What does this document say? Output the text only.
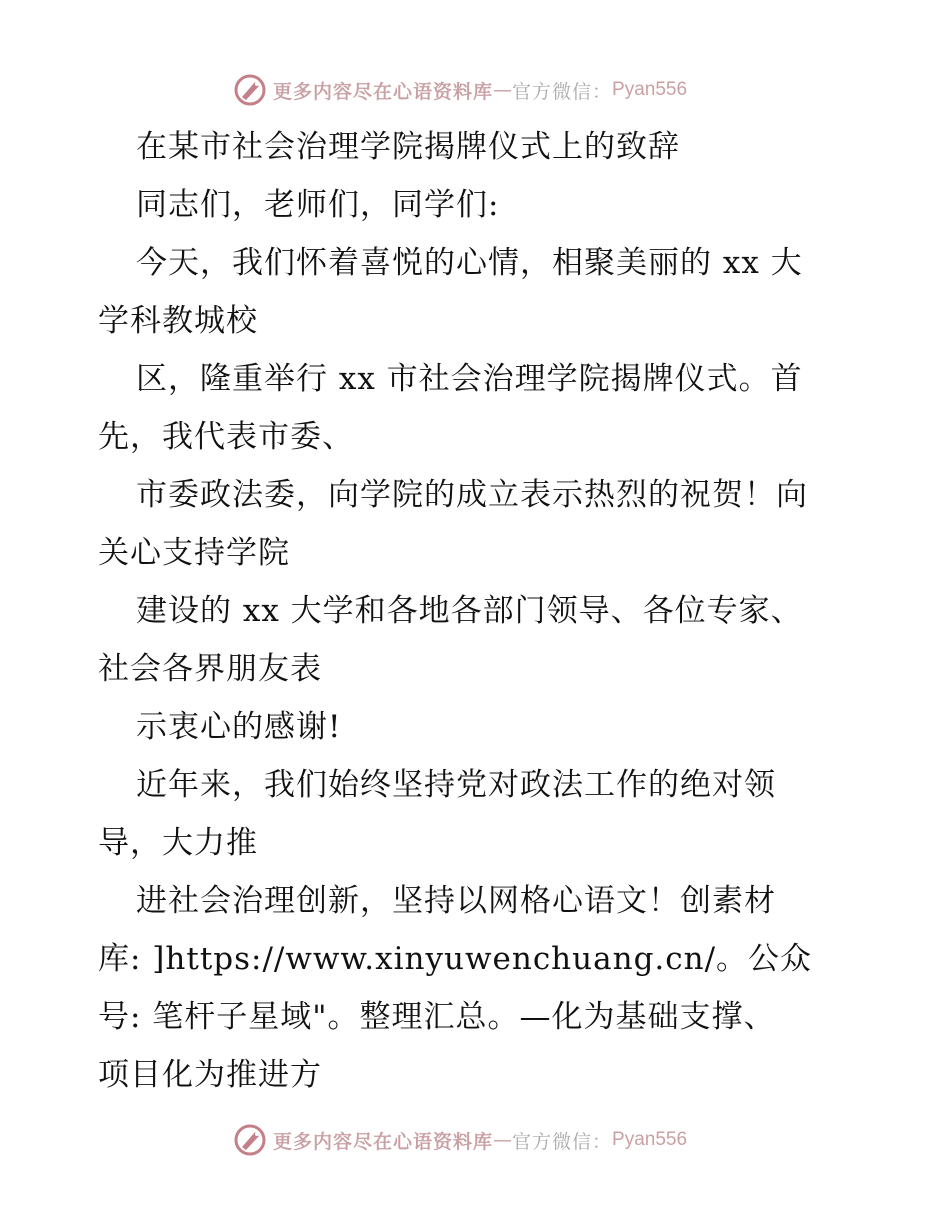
更多内容尽在心语资料库 — 官方微信： Pyan556
在某市社会治理学院揭牌仪式上的致辞
同志们，老师们，同学们:
今天，我们怀着喜悦的心情，相聚美丽的 xx 大
学科教城校
区，隆重举行 xx 市社会治理学院揭牌仪式。首
先，我代表市委、
市委政法委，向学院的成立表示热烈的祝贺！向
关心支持学院
建设的 xx 大学和各地各部门领导、各位专家、
社会各界朋友表
示衷心的感谢!
近年来，我们始终坚持党对政法工作的绝对领
导，大力推
进社会治理创新，坚持以网格心语文！创素材
库: ]https://www.xinyuwenchuang.cn/。公众
号: 笔杆子星域"。整理汇总。—化为基础支撑、
项目化为推进方
更多内容尽在心语资料库 — 官方微信： Pyan556
